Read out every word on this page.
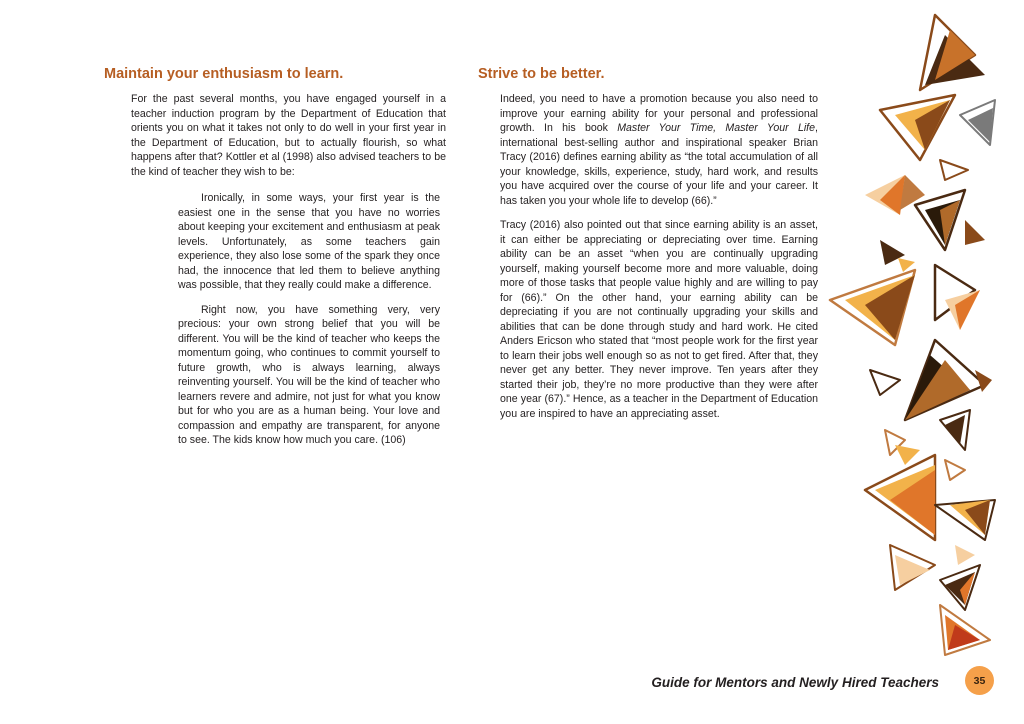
Maintain your enthusiasm to learn.

For the past several months, you have engaged yourself in a teacher induction program by the Department of Education that orients you on what it takes not only to do well in your first year in the Department of Education, but to actually flourish, so what happens after that? Kottler et al (1998) also advised teachers to be the kind of teacher they wish to be:

Ironically, in some ways, your first year is the easiest one in the sense that you have no worries about keeping your excitement and enthusiasm at peak levels. Unfortunately, as some teachers gain experience, they also lose some of the spark they once had, the innocence that led them to believe anything was possible, that they really could make a difference.

Right now, you have something very, very precious: your own strong belief that you will be different. You will be the kind of teacher who keeps the momentum going, who continues to commit yourself to future growth, who is always learning, always reinventing yourself. You will be the kind of teacher who learners revere and admire, not just for what you know but for who you are as a human being. Your love and compassion and empathy are transparent, for anyone to see. The kids know how much you care. (106)

Strive to be better.

Indeed, you need to have a promotion because you also need to improve your earning ability for your personal and professional growth. In his book Master Your Time, Master Your Life, international best-selling author and inspirational speaker Brian Tracy (2016) defines earning ability as “the total accumulation of all your knowledge, skills, experience, study, hard work, and results you have acquired over the course of your life and your career. It has taken you your whole life to develop (66).”

Tracy (2016) also pointed out that since earning ability is an asset, it can either be appreciating or depreciating over time. Earning ability can be an asset “when you are continually upgrading yourself, making yourself become more and more valuable, doing more of those tasks that people value highly and are willing to pay for (66).” On the other hand, your earning ability can be depreciating if you are not continually upgrading your skills and abilities that can be done through study and hard work. He cited Anders Ericson who stated that “most people work for the first year to learn their jobs well enough so as not to get fired. After that, they never get any better. They never improve. Ten years after they started their job, they’re no more productive than they were after one year (67).” Hence, as a teacher in the Department of Education you are inspired to have an appreciating asset.

Guide for Mentors and Newly Hired Teachers	35
